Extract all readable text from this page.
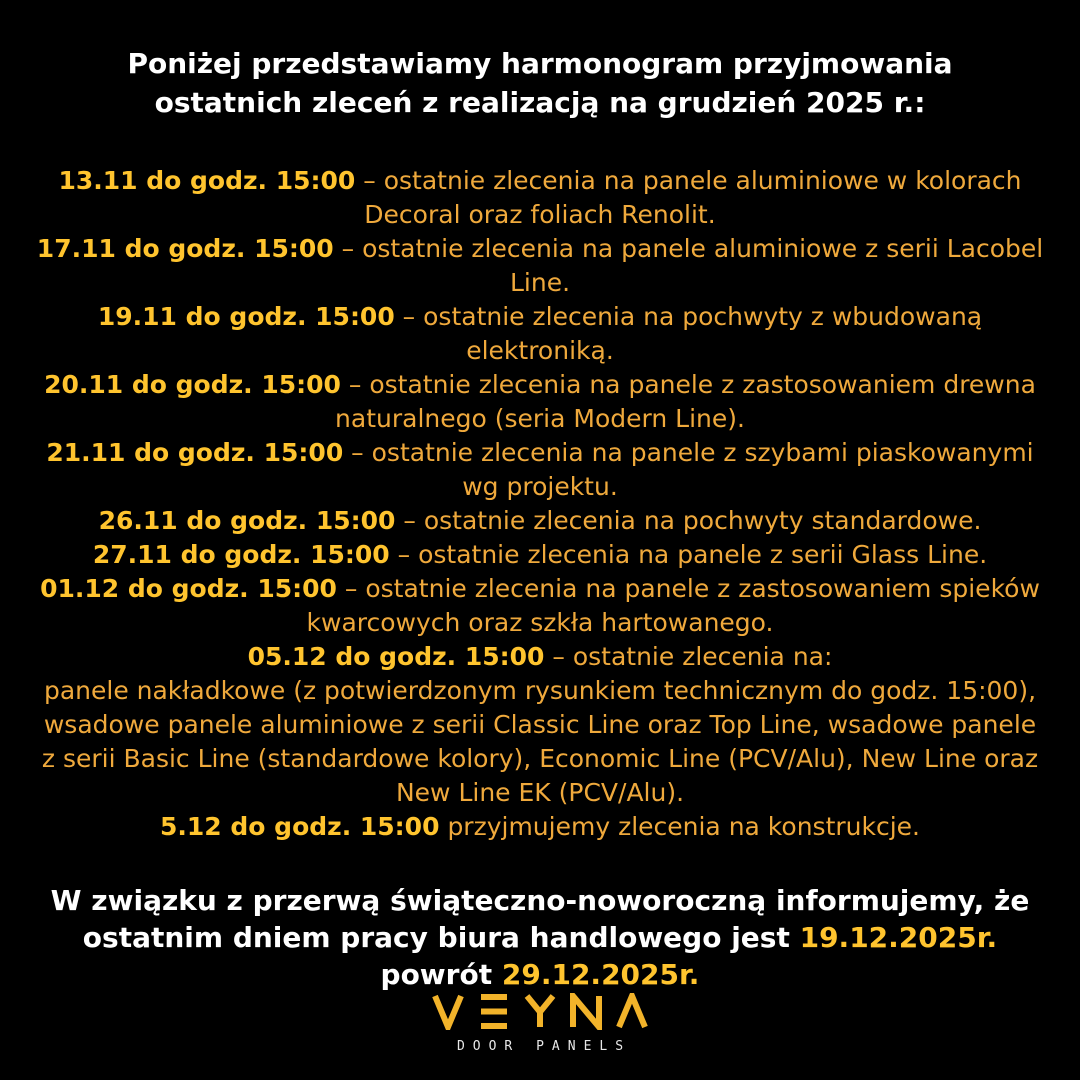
Poniżej przedstawiamy harmonogram przyjmowania ostatnich zleceń z realizacją na grudzień 2025 r.:

13.11 do godz. 15:00 – ostatnie zlecenia na panele aluminiowe w kolorach Decoral oraz foliach Renolit.

17.11 do godz. 15:00 – ostatnie zlecenia na panele aluminiowe z serii Lacobel Line.

19.11 do godz. 15:00 – ostatnie zlecenia na pochwyty z wbudowaną elektroniką.

20.11 do godz. 15:00 – ostatnie zlecenia na panele z zastosowaniem drewna naturalnego (seria Modern Line).

21.11 do godz. 15:00 – ostatnie zlecenia na panele z szybami piaskowanymi wg projektu.

26.11 do godz. 15:00 – ostatnie zlecenia na pochwyty standardowe.

27.11 do godz. 15:00 – ostatnie zlecenia na panele z serii Glass Line.

01.12 do godz. 15:00 – ostatnie zlecenia na panele z zastosowaniem spieków kwarcowych oraz szkła hartowanego.

05.12 do godz. 15:00 – ostatnie zlecenia na:

panele nakładkowe (z potwierdzonym rysunkiem technicznym do godz. 15:00), wsadowe panele aluminiowe z serii Classic Line oraz Top Line, wsadowe panele z serii Basic Line (standardowe kolory), Economic Line (PCV/Alu), New Line oraz New Line EK (PCV/Alu).

5.12 do godz. 15:00 przyjmujemy zlecenia na konstrukcje.

W związku z przerwą świąteczno-noworoczną informujemy, że ostatnim dniem pracy biura handlowego jest 19.12.2025r.
powrót 29.12.2025r.

DOOR PANELS
